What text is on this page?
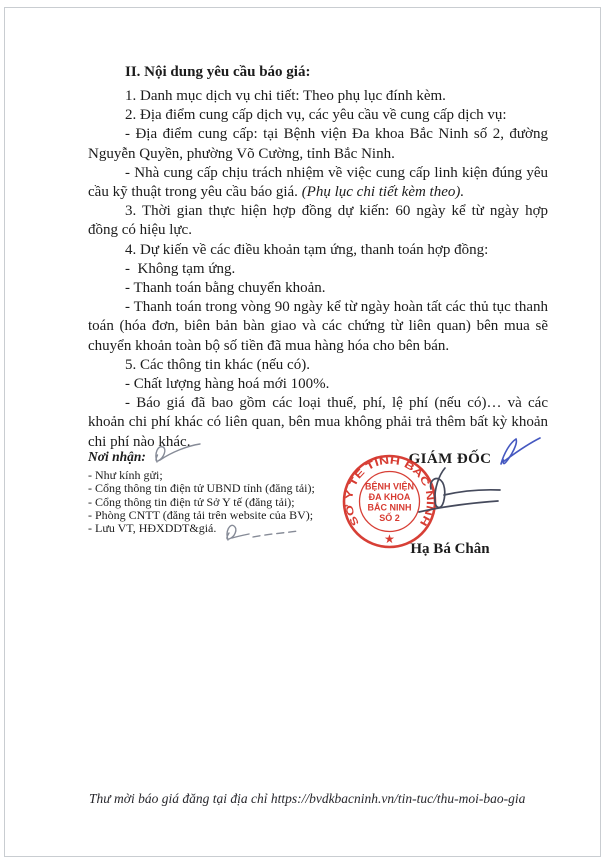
II. Nội dung yêu cầu báo giá:

1. Danh mục dịch vụ chi tiết: Theo phụ lục đính kèm.

2. Địa điểm cung cấp dịch vụ, các yêu cầu về cung cấp dịch vụ:

- Địa điểm cung cấp: tại Bệnh viện Đa khoa Bắc Ninh số 2, đường Nguyễn Quyền, phường Võ Cường, tỉnh Bắc Ninh.

- Nhà cung cấp chịu trách nhiệm về việc cung cấp linh kiện đúng yêu cầu kỹ thuật trong yêu cầu báo giá. (Phụ lục chi tiết kèm theo).

3. Thời gian thực hiện hợp đồng dự kiến: 60 ngày kể từ ngày hợp đồng có hiệu lực.

4. Dự kiến về các điều khoản tạm ứng, thanh toán hợp đồng:

-  Không tạm ứng.

- Thanh toán bằng chuyển khoản.

- Thanh toán trong vòng 90 ngày kể từ ngày hoàn tất các thủ tục thanh toán (hóa đơn, biên bản bàn giao và các chứng từ liên quan) bên mua sẽ chuyển khoản toàn bộ số tiền đã mua hàng hóa cho bên bán.

5. Các thông tin khác (nếu có).

- Chất lượng hàng hoá mới 100%.

- Báo giá đã bao gồm các loại thuế, phí, lệ phí (nếu có)… và các khoản chi phí khác có liên quan, bên mua không phải trả thêm bất kỳ khoản chi phí nào khác.

Nơi nhận:

- Như kính gửi;
- Cổng thông tin điện tử UBND tỉnh (đăng tải);
- Cổng thông tin điện tử Sở Y tế (đăng tải);
- Phòng CNTT (đăng tải trên website của BV);
- Lưu VT, HĐXDDT&giá.
GIÁM ĐỐC
Hạ Bá Chân
SỞ Y TẾ TỈNH BẮC NINH
BỆNH VIỆN
ĐA KHOA
BẮC NINH
SỐ 2
★
Thư mời báo giá đăng tại địa chỉ https://bvdkbacninh.vn/tin-tuc/thu-moi-bao-gia
